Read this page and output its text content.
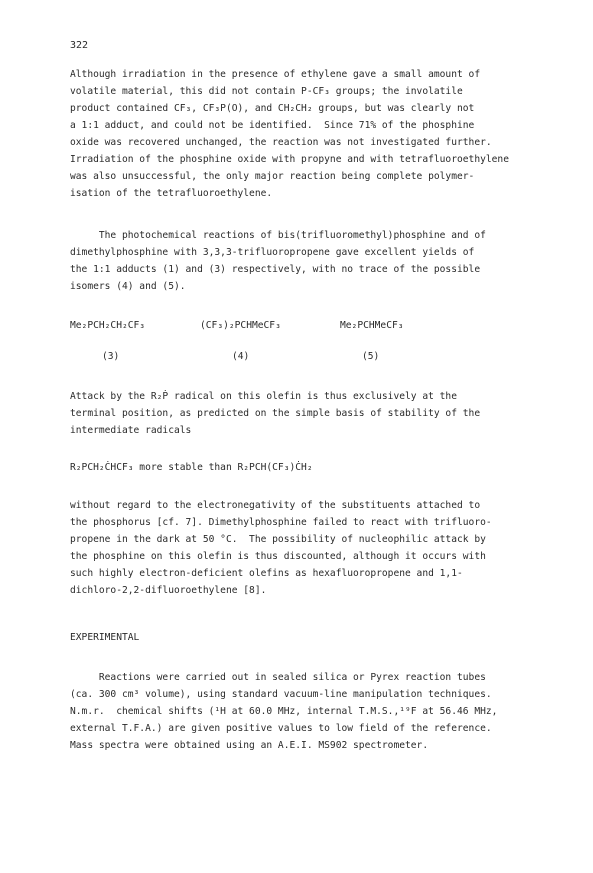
322
Although irradiation in the presence of ethylene gave a small amount of
volatile material, this did not contain P-CF₃ groups; the involatile
product contained CF₃, CF₃P(O), and CH₂CH₂ groups, but was clearly not
a 1:1 adduct, and could not be identified.  Since 71% of the phosphine
oxide was recovered unchanged, the reaction was not investigated further.
Irradiation of the phosphine oxide with propyne and with tetrafluoroethylene
was also unsuccessful, the only major reaction being complete polymer-
isation of the tetrafluoroethylene.
The photochemical reactions of bis(trifluoromethyl)phosphine and of
dimethylphosphine with 3,3,3-trifluoropropene gave excellent yields of
the 1:1 adducts (1) and (3) respectively, with no trace of the possible
isomers (4) and (5).
Me₂PCH₂CH₂CF₃	(CF₃)₂PCHMeCF₃	Me₂PCHMeCF₃
(3)	(4)	(5)
Attack by the R₂Ṗ radical on this olefin is thus exclusively at the
terminal position, as predicted on the simple basis of stability of the
intermediate radicals
R₂PCH₂ĊHCF₃ more stable than R₂PCH(CF₃)ĊH₂
without regard to the electronegativity of the substituents attached to
the phosphorus [cf. 7]. Dimethylphosphine failed to react with trifluoro-
propene in the dark at 50 °C.  The possibility of nucleophilic attack by
the phosphine on this olefin is thus discounted, although it occurs with
such highly electron-deficient olefins as hexafluoropropene and 1,1-
dichloro-2,2-difluoroethylene [8].
EXPERIMENTAL
Reactions were carried out in sealed silica or Pyrex reaction tubes
(ca. 300 cm³ volume), using standard vacuum-line manipulation techniques.
N.m.r.  chemical shifts (¹H at 60.0 MHz, internal T.M.S.,¹⁹F at 56.46 MHz,
external T.F.A.) are given positive values to low field of the reference.
Mass spectra were obtained using an A.E.I. MS902 spectrometer.
